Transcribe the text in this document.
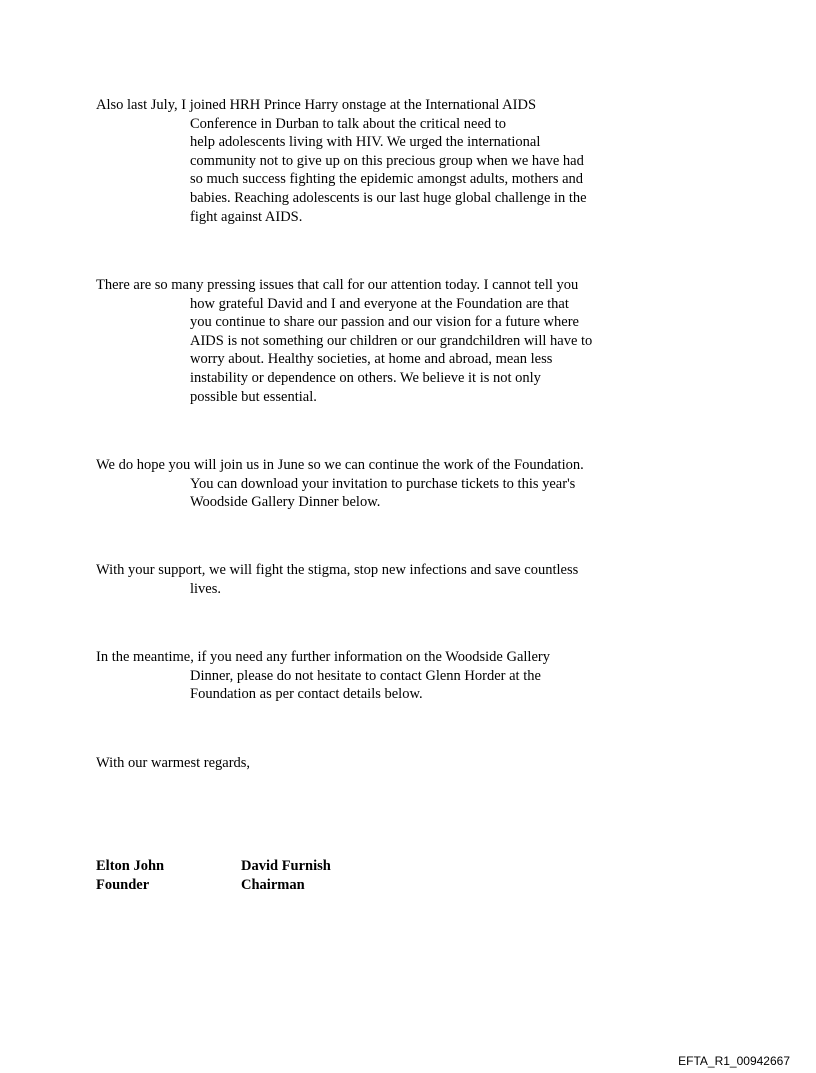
Also last July, I joined HRH Prince Harry onstage at the International AIDS
Conference in Durban to talk about the critical need to
help adolescents living with HIV. We urged the international
community not to give up on this precious group when we have had
so much success fighting the epidemic amongst adults, mothers and
babies. Reaching adolescents is our last huge global challenge in the
fight against AIDS.
There are so many pressing issues that call for our attention today. I cannot tell you
how grateful David and I and everyone at the Foundation are that
you continue to share our passion and our vision for a future where
AIDS is not something our children or our grandchildren will have to
worry about. Healthy societies, at home and abroad, mean less
instability or dependence on others. We believe it is not only
possible but essential.
We do hope you will join us in June so we can continue the work of the Foundation.
You can download your invitation to purchase tickets to this year's
Woodside Gallery Dinner below.
With your support, we will fight the stigma, stop new infections and save countless
lives.
In the meantime, if you need any further information on the Woodside Gallery
Dinner, please do not hesitate to contact Glenn Horder at the
Foundation as per contact details below.
With our warmest regards,
Elton John
Founder
David Furnish
Chairman
EFTA_R1_00942667
